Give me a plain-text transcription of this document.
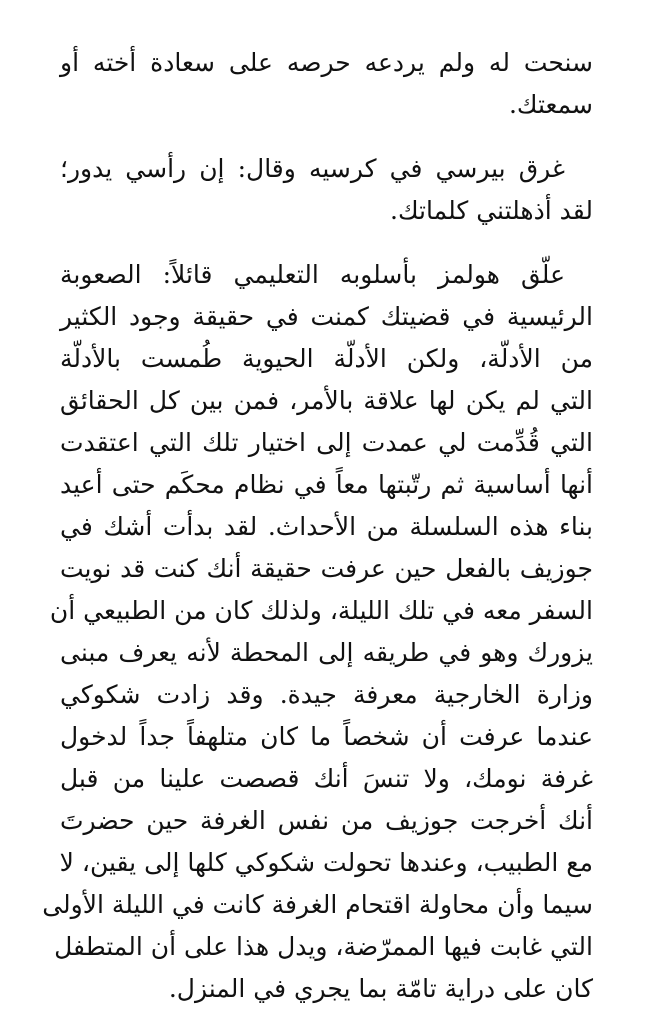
سنحت له ولم يردعه حرصه على سعادة أخته أو
سمعتك.

غرق بيرسي في كرسيه وقال: إن رأسي يدور؛
لقد أذهلتني كلماتك.

علّق هولمز بأسلوبه التعليمي قائلاً: الصعوبة
الرئيسية في قضيتك كمنت في حقيقة وجود الكثير
من الأدلّة، ولكن الأدلّة الحيوية طُمست بالأدلّة
التي لم يكن لها علاقة بالأمر، فمن بين كل الحقائق
التي قُدِّمت لي عمدت إلى اختيار تلك التي اعتقدت
أنها أساسية ثم رتّبتها معاً في نظام محكَم حتى أعيد
بناء هذه السلسلة من الأحداث. لقد بدأت أشك في
جوزيف بالفعل حين عرفت حقيقة أنك كنت قد نويت
السفر معه في تلك الليلة، ولذلك كان من الطبيعي أن
يزورك وهو في طريقه إلى المحطة لأنه يعرف مبنى
وزارة الخارجية معرفة جيدة. وقد زادت شكوكي
عندما عرفت أن شخصاً ما كان متلهفاً جداً لدخول
غرفة نومك، ولا تنسَ أنك قصصت علينا من قبل
أنك أخرجت جوزيف من نفس الغرفة حين حضرتَ
مع الطبيب، وعندها تحولت شكوكي كلها إلى يقين، لا
سيما وأن محاولة اقتحام الغرفة كانت في الليلة الأولى
التي غابت فيها الممرّضة، ويدل هذا على أن المتطفل
كان على دراية تامّة بما يجري في المنزل.
